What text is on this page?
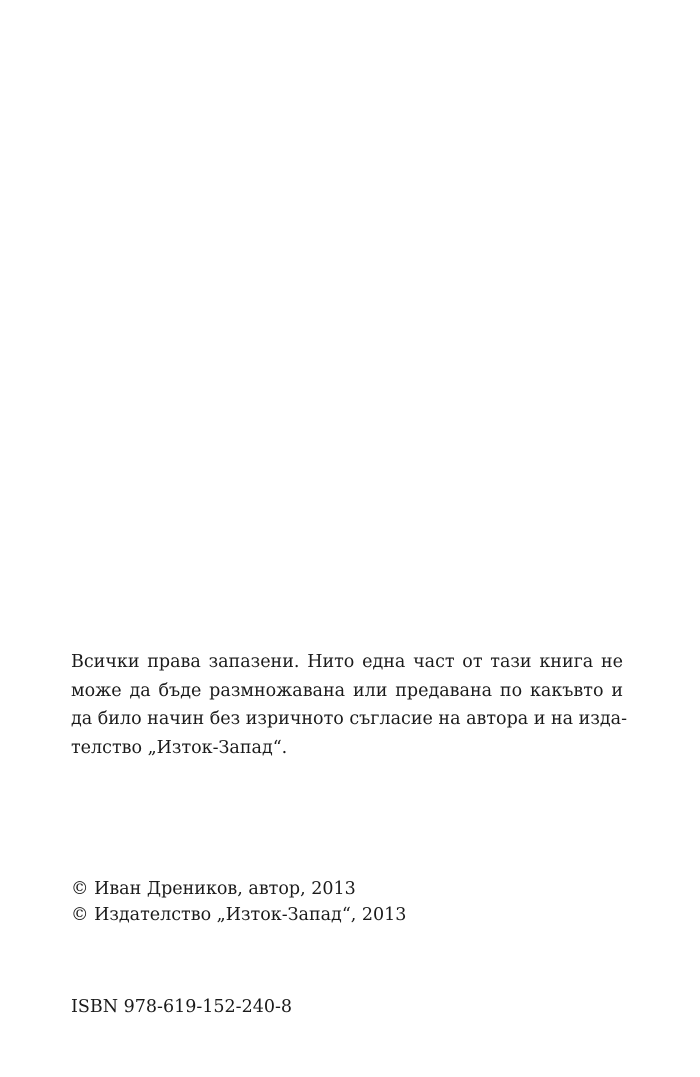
Всички права запазени. Нито една част от тази книга не
може да бъде размножавана или предавана по какъвто и
да било начин без изричното съгласие на автора и на изда-
телство „Изток-Запад“.

© Иван Дреников, автор, 2013
© Издателство „Изток-Запад“, 2013

ISBN 978-619-152-240-8
